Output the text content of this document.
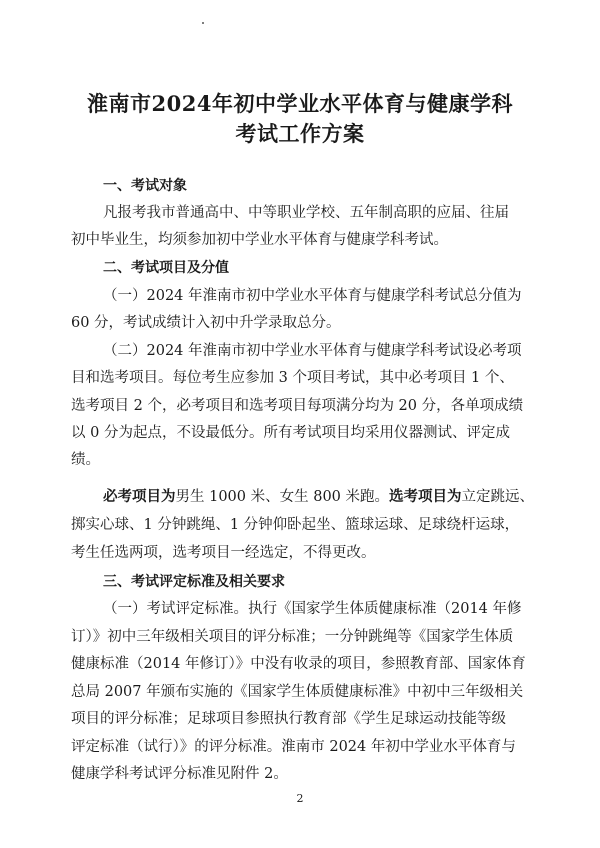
淮南市2024年初中学业水平体育与健康学科
考试工作方案
一、考试对象
凡报考我市普通高中、中等职业学校、五年制高职的应届、往届
初中毕业生，均须参加初中学业水平体育与健康学科考试。
二、考试项目及分值
（一）2024 年淮南市初中学业水平体育与健康学科考试总分值为
60 分，考试成绩计入初中升学录取总分。
（二）2024 年淮南市初中学业水平体育与健康学科考试设必考项
目和选考项目。每位考生应参加 3 个项目考试，其中必考项目 1 个、
选考项目 2 个，必考项目和选考项目每项满分均为 20 分，各单项成绩
以 0 分为起点，不设最低分。所有考试项目均采用仪器测试、评定成
绩。
必考项目为男生 1000 米、女生 800 米跑。选考项目为立定跳远、
掷实心球、1 分钟跳绳、1 分钟仰卧起坐、篮球运球、足球绕杆运球，
考生任选两项，选考项目一经选定，不得更改。
三、考试评定标准及相关要求
（一）考试评定标准。执行《国家学生体质健康标准（2014 年修
订）》初中三年级相关项目的评分标准；一分钟跳绳等《国家学生体质
健康标准（2014 年修订）》中没有收录的项目，参照教育部、国家体育
总局 2007 年颁布实施的《国家学生体质健康标准》中初中三年级相关
项目的评分标准；足球项目参照执行教育部《学生足球运动技能等级
评定标准（试行）》的评分标准。淮南市 2024 年初中学业水平体育与
健康学科考试评分标准见附件 2。
2
